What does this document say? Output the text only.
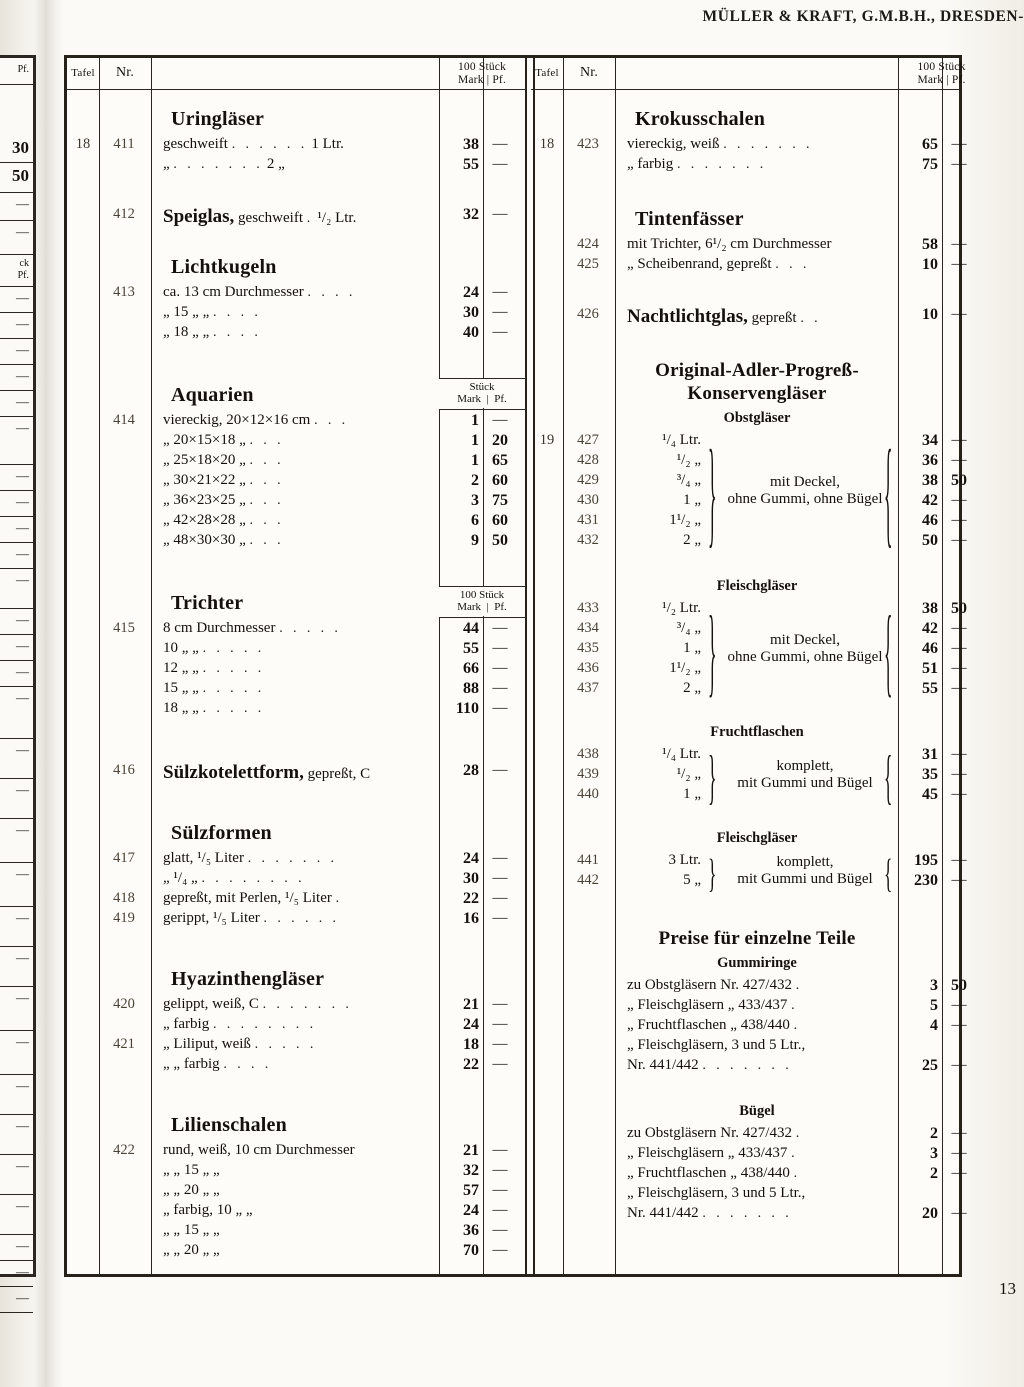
MÜLLER & KRAFT, G.M.B.H., DRESDEN-
Pf.
30
50
—
—
ck
Pf.
—
—
—
—
—
—
—
—
—
—
—
—
—
—
—
—
—
—
—
—
—
—
—
—
—
—
—
—
—
—
Tafel Nr.	100 Stück
Mark | Pf.
Uringläser
18	411	geschweift . . . . . . 1 Ltr.	38 —
„ . . . . . . . 2 „	55 —
412	Speiglas, geschweift . ¹/₂ Ltr.	32 —
Lichtkugeln
413	ca. 13 cm Durchmesser . . . .	24 —
„ 15 „ „ . . . .	30 —
„ 18 „ „ . . . .	40 —
Aquarien	Stück
Mark  |  Pf.
414	viereckig, 20×12×16 cm . . .	1 —
„ 20×15×18 „ . . .	1 20
„ 25×18×20 „ . . .	1 65
„ 30×21×22 „ . . .	2 60
„ 36×23×25 „ . . .	3 75
„ 42×28×28 „ . . .	6 60
„ 48×30×30 „ . . .	9 50
Trichter	100 Stück
Mark  |  Pf.
415	8 cm Durchmesser . . . . .	44 —
10 „ „ . . . . .	55 —
12 „ „ . . . . .	66 —
15 „ „ . . . . .	88 —
18 „ „ . . . . .	110 —
416	Sülzkotelettform, gepreßt, C	28 —
Sülzformen
417	glatt, ¹/₅ Liter . . . . . . .	24 —
„ ¹/₄ „ . . . . . . . .	30 —
418	gepreßt, mit Perlen, ¹/₅ Liter .	22 —
419	gerippt, ¹/₅ Liter . . . . . .	16 —
Hyazinthengläser
420	gelippt, weiß, C . . . . . . .	21 —
„ farbig . . . . . . . .	24 —
421	„ Liliput, weiß . . . . .	18 —
„ „ farbig . . . .	22 —
Lilienschalen
422	rund, weiß, 10 cm Durchmesser	21 —
„ „ 15 „ „	32 —
„ „ 20 „ „	57 —
„ farbig, 10 „ „	24 —
„ „ 15 „ „	36 —
„ „ 20 „ „	70 —
Tafel Nr.	100 Stück
Mark | Pf.
Krokusschalen
18	423	viereckig, weiß . . . . . . .	65 —
„ farbig . . . . . . .	75 —
Tintenfässer
424	mit Trichter, 6¹/₂ cm Durchmesser	58 —
425	„ Scheibenrand, gepreßt . . .	10 —
426	Nachtlichtglas, gepreßt . .	10 —
Original-Adler-Progreß-
Konservengläser
Obstgläser
19	427	¹/₄ Ltr.	34 —
428	¹/₂ „	36 —
429	³/₄ „	38 50
430	1 „	42 —
431	1¹/₂ „	46 —
432	2 „	50 —
}	mit Deckel,
ohne Gummi, ohne Bügel {
Fleischgläser
433	¹/₂ Ltr.	38 50
434	³/₄ „	42 —
435	1 „	46 —
436	1¹/₂ „	51 —
437	2 „	55 —
}	mit Deckel,
ohne Gummi, ohne Bügel {
Fruchtflaschen
438	¹/₄ Ltr.	31 —
439	¹/₂ „	35 —
440	1 „	45 —
}	komplett,
mit Gummi und Bügel {
Fleischgläser
441	3 Ltr.	195 —
442	5 „	230 —
}	komplett,
mit Gummi und Bügel {
Preise für einzelne Teile
Gummiringe
zu Obstgläsern Nr. 427/432 .	3 50
„ Fleischgläsern „ 433/437 .	5 —
„ Fruchtflaschen „ 438/440 .	4 —
„ Fleischgläsern, 3 und 5 Ltr.,
Nr. 441/442 . . . . . . .	25 —
Bügel
zu Obstgläsern Nr. 427/432 .	2 —
„ Fleischgläsern „ 433/437 .	3 —
„ Fruchtflaschen „ 438/440 .	2 —
„ Fleischgläsern, 3 und 5 Ltr.,
Nr. 441/442 . . . . . . .	20 —
13
